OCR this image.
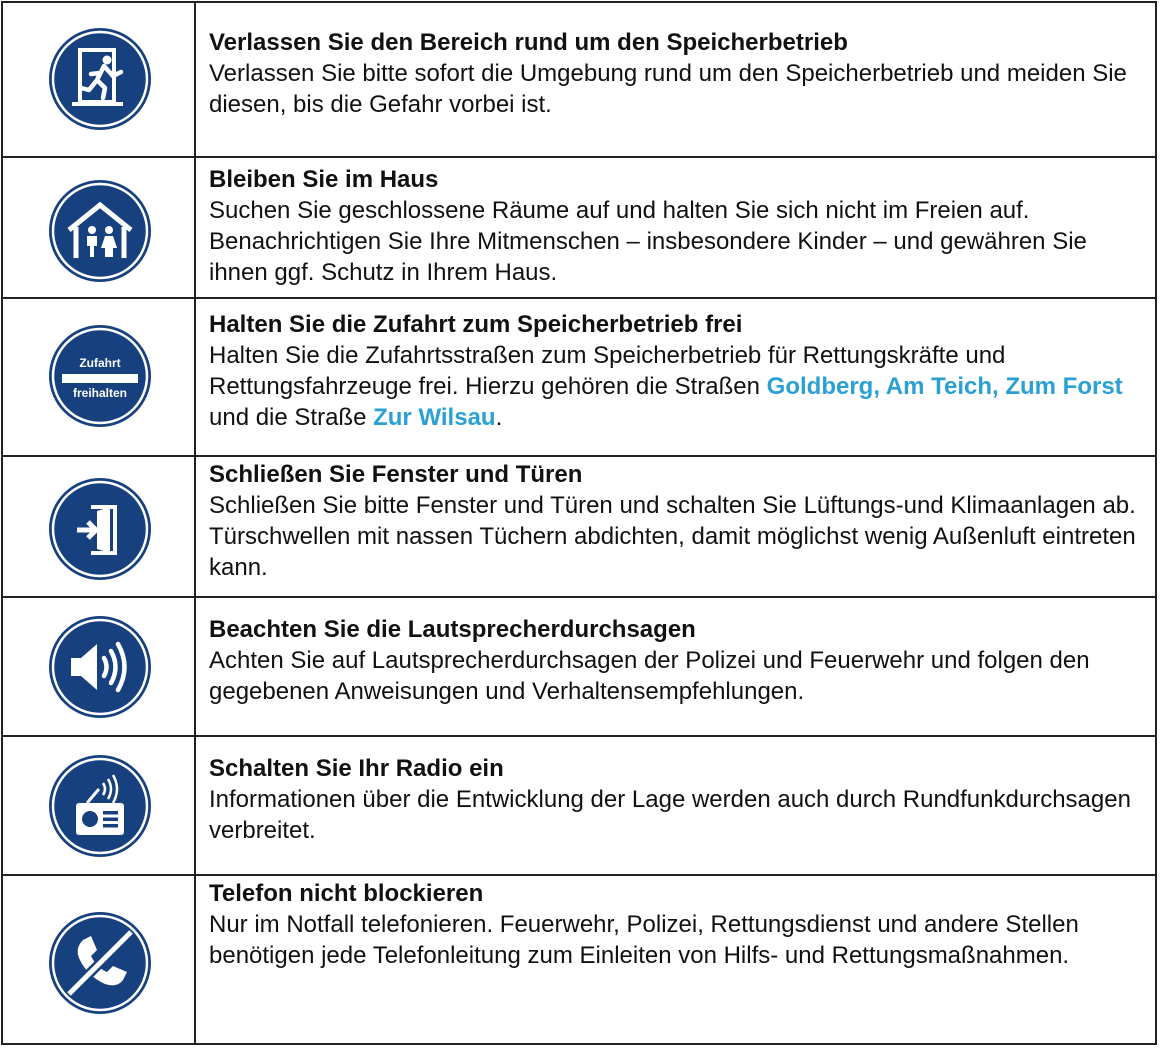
Verlassen Sie den Bereich rund um den Speicherbetrieb
Verlassen Sie bitte sofort die Umgebung rund um den Speicherbetrieb und meiden Sie diesen, bis die Gefahr vorbei ist.
Bleiben Sie im Haus
Suchen Sie geschlossene Räume auf und halten Sie sich nicht im Freien auf. Benachrichtigen Sie Ihre Mitmenschen – insbesondere Kinder – und gewähren Sie ihnen ggf. Schutz in Ihrem Haus.
Zufahrt
freihalten
Halten Sie die Zufahrt zum Speicherbetrieb frei
Halten Sie die Zufahrtsstraßen zum Speicherbetrieb für Rettungskräfte und Rettungsfahrzeuge frei. Hierzu gehören die Straßen Goldberg, Am Teich, Zum Forst und die Straße Zur Wilsau.
Schließen Sie Fenster und Türen
Schließen Sie bitte Fenster und Türen und schalten Sie Lüftungs-und Klimaanlagen ab. Türschwellen mit nassen Tüchern abdichten, damit möglichst wenig Außenluft eintreten kann.
Beachten Sie die Lautsprecherdurchsagen
Achten Sie auf Lautsprecherdurchsagen der Polizei und Feuerwehr und folgen den gegebenen Anweisungen und Verhaltensempfehlungen.
Schalten Sie Ihr Radio ein
Informationen über die Entwicklung der Lage werden auch durch Rundfunkdurchsagen verbreitet.
Telefon nicht blockieren
Nur im Notfall telefonieren. Feuerwehr, Polizei, Rettungsdienst und andere Stellen benötigen jede Telefonleitung zum Einleiten von Hilfs- und Rettungsmaßnahmen.
